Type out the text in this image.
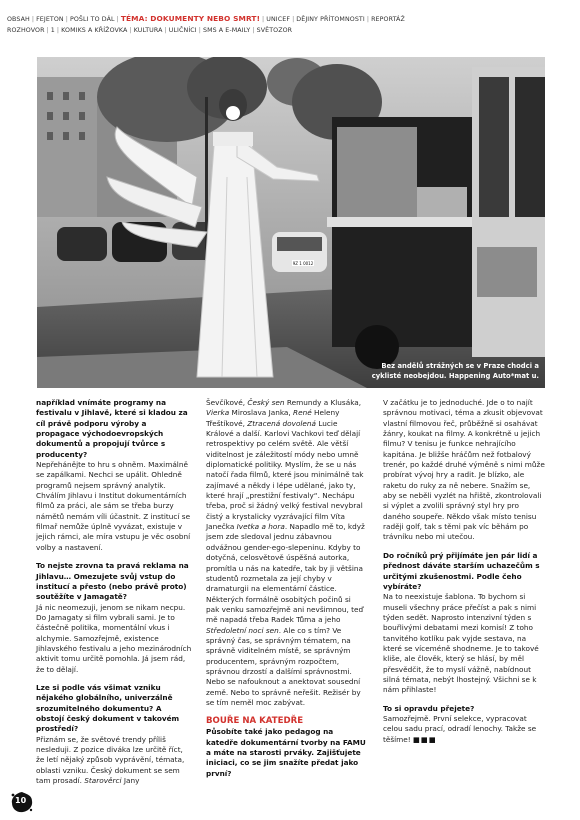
OBSAH | FEJETON | POŠLI TO DÁL | TÉMA: DOKUMENTY NEBO SMRT! | UNICEF | DĚJINY PŘÍTOMNOSTI | REPORTÁŽ
ROZHOVOR | 1 | KOMIKS A KŘÍŽOVKA | KULTURA | ULIČNÍCI | SMS A E-MAILY | SVĚTOZOR
9Z 1 0012
Bez andělů strážných se v Praze chodci a cyklisté neobejdou. Happening Auto*mat u.

například vnímáte programy na festivalu v Jihlavě, které si kladou za cíl právě podporu výroby a propagace východoevropských dokumentů a propojují tvůrce s producenty?

Nepřehánějte to hru s ohněm. Maximálně se zapálkami. Nechci se upálit. Ohledně programů nejsem správný analytik. Chválím Jihlavu i Institut dokumentárních filmů za práci, ale sám se třeba burzy námětů nemám víli účastnit. Z institucí se filmař nemůže úplně vyvázat, existuje v jejich rámci, ale míra vstupu je věc osobní volby a nastavení.

To nejste zrovna ta pravá reklama na Jihlavu… Omezujete svůj vstup do institucí a přesto (nebo právě proto) soutěžíte v Jamagatě?

Já nic neomezuji, jenom se nikam necpu. Do Jamagaty si film vybrali sami. Je to částečně politika, momentální vkus i alchymie. Samozřejmě, existence Jihlavského festivalu a jeho mezinárodních aktivit tomu určitě pomohla. Já jsem rád, že to dělají.

Lze si podle vás všimat vzniku nějakého globálního, univerzálně srozumitelného dokumentu? A obstojí český dokument v takovém prostředí?

Přiznám se, že světové trendy příliš nesleduji. Z pozice diváka lze určitě říct, že letí nějaký způsob vyprávění, témata, oblasti vzniku. Český dokument se sem tam prosadí. Starověrci Jany

Ševčíkové, Český sen Remundy a Klusáka, Vierka Miroslava Janka, René Heleny Třeštíkové, Ztracená dovolená Lucie Králové a další. Karlovi Vachkovi teď dělají retrospektivy po celém světě. Ale větší viditelnost je záležitostí módy nebo umně diplomatické politiky. Myslím, že se u nás natočí řada filmů, které jsou minimálně tak zajímavé a někdy i lépe udělané, jako ty, které hrají „prestižní festivaly“. Nechápu třeba, proč si žádný velký festival nevybral čistý a krystalicky vyzrávající film Víta Janečka Ivetka a hora. Napadlo mě to, když jsem zde sledoval jednu zábavnou odvážnou gender-ego-slepeninu. Kdyby to dotyčná, celosvětově úspěšná autorka, promítla u nás na katedře, tak by ji většina studentů rozmetala za její chyby v dramaturgii na elementární částice. Některých formálně osobitých počinů si pak venku samozřejmě ani nevšimnou, teď mě napadá třeba Radek Tůma a jeho Středoletní noci sen. Ale co s tím? Ve správný čas, se správným tématem, na správně viditelném místě, se správným producentem, správným rozpočtem, správnou drzostí a dalšími správnostmi. Nebo se nafouknout a anektovat sousední země. Nebo to správně neřešit. Režisér by se tím neměl moc zabývat.

BOUŘE NA KATEDŘE

Působíte také jako pedagog na katedře dokumentární tvorby na FAMU a máte na starosti prváky. Zajišťujete iniciaci, co se jim snažíte předat jako první?

V začátku je to jednoduché. Jde o to najít správnou motivaci, téma a zkusit objevovat vlastní filmovou řeč, průběžně si osahávat žánry, koukat na filmy. A konkrétně u jejich filmu? V tenisu je funkce nehrajícího kapitána. Je bližše hráčům než fotbalový trenér, po každé druhé výměně s nimi může probírat vývoj hry a radit. Je blízko, ale raketu do ruky za ně nebere. Snažím se, aby se neběli vyzlét na hřiště, zkontrolovali si výplet a zvolili správný styl hry pro daného soupeře. Někdo však místo tenisu raději golf, tak s těmi pak víc běhám po trávníku nebo mi utečou.

Do ročníků prý přijímáte jen pár lidí a přednost dáváte starším uchazečům s určitými zkušenostmi. Podle čeho vybíráte?

Na to neexistuje šablona. To bychom si museli všechny práce přečíst a pak s nimi týden sedět. Naprosto intenzivní týden s bouřlivými debatami mezi komisí! Z toho tanvitého kotlíku pak vyjde sestava, na které se víceméně shodneme. Je to takové kliše, ale člověk, který se hlásí, by měl přesvědčit, že to myslí vážně, nabídnout silná témata, nebýt lhostejný. Všichni se k nám přihlaste!

To si opravdu přejete?

Samozřejmě. První selekce, vypracovat celou sadu prací, odradí lenochy. Takže se těšíme! ■■■

10
